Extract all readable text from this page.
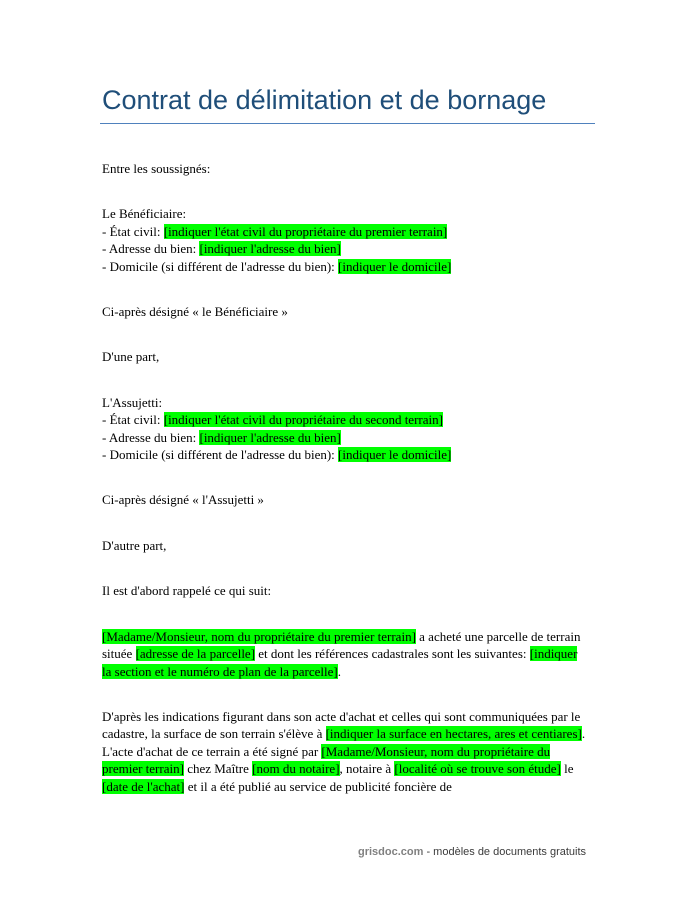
Contrat de délimitation et de bornage

Entre les soussignés:

Le Bénéficiaire:

- État civil: [indiquer l'état civil du propriétaire du premier terrain]

- Adresse du bien: [indiquer l'adresse du bien]

- Domicile (si différent de l'adresse du bien): [indiquer le domicile]

Ci-après désigné « le Bénéficiaire »

D'une part,

L'Assujetti:

- État civil: [indiquer l'état civil du propriétaire du second terrain]

- Adresse du bien: [indiquer l'adresse du bien]

- Domicile (si différent de l'adresse du bien): [indiquer le domicile]

Ci-après désigné « l'Assujetti »

D'autre part,

Il est d'abord rappelé ce qui suit:

[Madame/Monsieur, nom du propriétaire du premier terrain] a acheté une parcelle de terrain située [adresse de la parcelle] et dont les références cadastrales sont les suivantes: [indiquer la section et le numéro de plan de la parcelle].

D'après les indications figurant dans son acte d'achat et celles qui sont communiquées par le cadastre, la surface de son terrain s'élève à [indiquer la surface en hectares, ares et centiares]. L'acte d'achat de ce terrain a été signé par [Madame/Monsieur, nom du propriétaire du premier terrain] chez Maître [nom du notaire], notaire à [localité où se trouve son étude] le [date de l'achat] et il a été publié au service de publicité foncière de

grisdoc.com - modèles de documents gratuits
